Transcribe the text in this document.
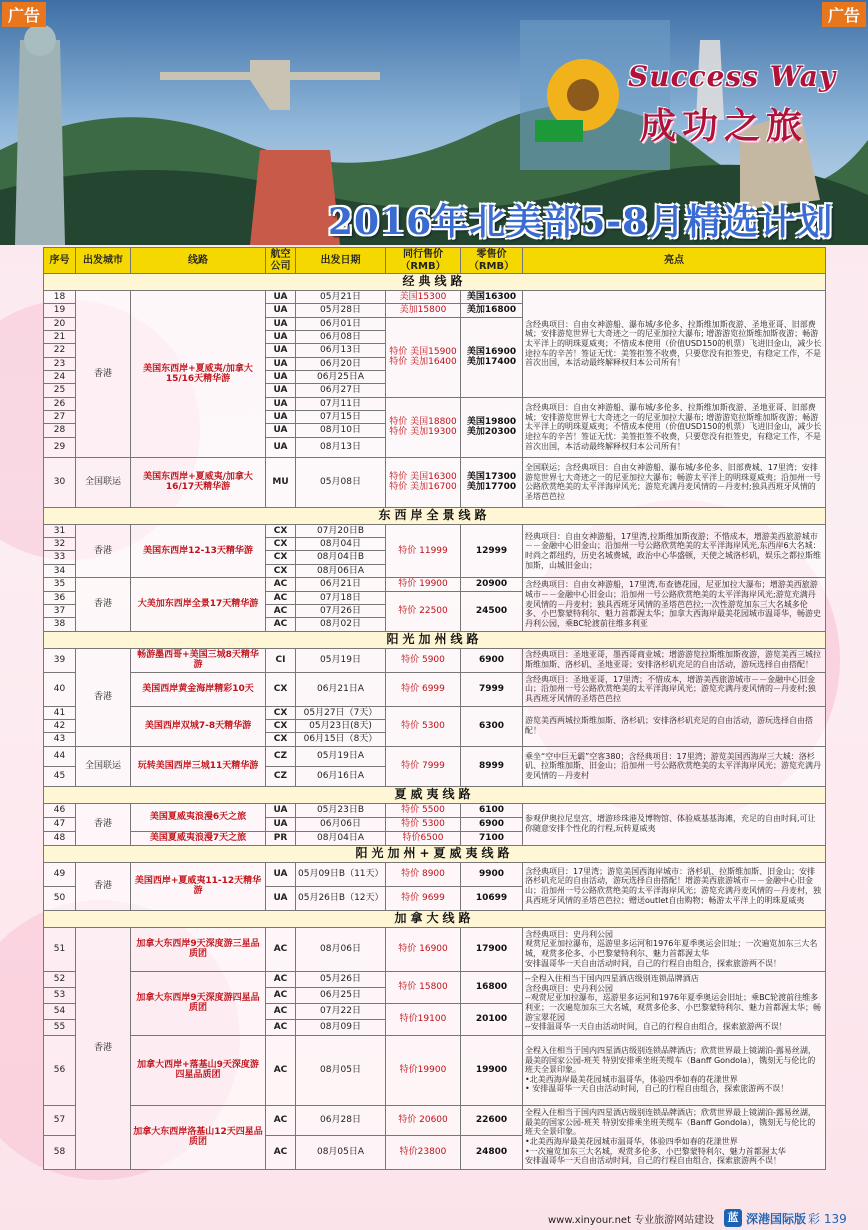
广告	广告
Success Way
成功之旅
2016年北美部5-8月精选计划
序号	出发城市	线路	航空公司	出发日期	同行售价（RMB）	零售价（RMB）	亮点
经典线路							
18	香港	美国东西岸+夏威夷/加拿大15/16天精华游	UA	05月21日	美国15300	美国16300	含经典项目：自由女神游船、瀑布城/多伦多、拉斯维加斯夜游、圣地亚哥、旧部费城；安排游览世界七大奇迹之一的尼亚加拉大瀑布; 增游游览拉斯维加斯夜游；畅游太平洋上的明珠夏威夷；不惜成本使用（价值USD150的机票）飞进旧金山，减少长途拉车的辛苦！签证无忧：美签拒签不收费，只要您没有拒签史，有稳定工作，不是首次出国，本活动最终解释权归本公司所有！
19			UA	05月28日	美加15800	美加16800	
20			UA	06月01日	特价 美国15900 特价 美加16400	美国16900 美加17400	
21			UA	06月08日			
22			UA	06月13日			
23			UA	06月20日			
24			UA	06月25日A			
25			UA	06月27日			
26			UA	07月11日	特价 美国18800 特价 美加19300	美国19800 美加20300	含经典项目：自由女神游船、瀑布城/多伦多、拉斯维加斯夜游、圣地亚哥、旧部费城；安排游览世界七大奇迹之一的尼亚加拉大瀑布; 增游游览拉斯维加斯夜游；畅游太平洋上的明珠夏威夷；不惜成本使用（价值USD150的机票）飞进旧金山，减少长途拉车的辛苦！签证无忧：美签拒签不收费，只要您没有拒签史，有稳定工作，不是首次出国，本活动最终解释权归本公司所有！
27			UA	07月15日			
28			UA	08月10日			
29			UA	08月13日			
30	全国联运	美国东西岸+夏威夷/加拿大16/17天精华游	MU	05月08日	特价 美国16300 特价 美加16700	美国17300 美加17700	全国联运；含经典项目：自由女神游船、瀑布城/多伦多、旧部费城、17里湾；安排游览世界七大奇迹之一的尼亚加拉大瀑布；畅游太平洋上的明珠夏威夷；沿加州一号公路欣赏绝美的太平洋海岸风光；游览充满丹麦风情的－丹麦村;独具西班牙风情的圣塔芭芭拉
东西岸全景线路							
31	香港	美国东西岸12-13天精华游	CX	07月20日B	特价 11999	12999	经典项目：自由女神游船，17里湾,拉斯维加斯夜游；不惜成本，增游美西旅游城市－－金融中心旧金山；沿加州一号公路欣赏绝美的太平洋海岸风光,东西岸6大名城：时尚之都纽约，历史名城费城，政治中心华盛顿，天使之城洛杉矶，娱乐之都拉斯维加斯，山城旧金山；
32			CX	08月04日			
33			CX	08月04日B			
34			CX	08月06日A			
35	香港	大美加东西岸全景17天精华游	AC	06月21日	特价 19900	20900	含经典项目：自由女神游船，17里湾,布查德花园，尼亚加拉大瀑布；增游美西旅游城市－－金融中心旧金山；沿加州一号公路欣赏绝美的太平洋海岸风光;游览充满丹麦风情的－丹麦村；独具西班牙风情的圣塔芭芭拉;一次性游览加东三大名城多伦多、小巴黎蒙特利尔、魁力首都渥太华；加拿大西海岸最美花园城市温哥华，畅游史丹利公园，乘BC轮渡前往维多利亚
36			AC	07月18日	特价 22500	24500	
37			AC	07月26日			
38			AC	08月02日			
阳光加州线路							
39	香港	畅游墨西哥+美国三城8天精华游	CI	05月19日	特价 5900	6900	含经典项目：圣地亚哥，墨西哥商业城；增游游览拉斯维加斯夜游，游览美西三城拉斯维加斯、洛杉矶、圣地亚哥；安排洛杉矶充足的自由活动，游玩选择自由搭配！
40		美国西岸黄金海岸精彩10天	CX	06月21日A	特价 6999	7999	含经典项目：圣地亚哥，17里湾；不惜成本，增游美西旅游城市－－金融中心旧金山；沿加州一号公路欣赏绝美的太平洋海岸风光；游览充满丹麦风情的－丹麦村;独具西班牙风情的圣塔芭芭拉
41		美国西岸双城7-8天精华游	CX	05月27日（7天）	特价 5300	6300	游览美西两城拉斯维加斯、洛杉矶；安排洛杉矶充足的自由活动，游玩选择自由搭配！
42			CX	05月23日(8天)			
43			CX	06月15日（8天）			
44	全国联运	玩转美国西岸三城11天精华游	CZ	05月19日A	特价 7999	8999	乘坐“空中巨无霸”空客380；含经典项目：17里湾；游览美国西海岸三大城：洛杉矶、拉斯维加斯、旧金山；沿加州一号公路欣赏绝美的太平洋海岸风光；游览充满丹麦风情的－丹麦村
45			CZ	06月16日A			
夏威夷线路							
46	香港	美国夏威夷浪漫6天之旅	UA	05月23日B	特价 5500	6100	参观伊奥拉尼皇宫、增游珍珠港及博物馆、体验威基基海滩，充足的自由时间,可让你随意安排个性化的行程,玩转夏威夷
47			UA	06月06日	特价 5300	6900	
48		美国夏威夷浪漫7天之旅	PR	08月04日A	特价6500	7100	
阳光加州+夏威夷线路							
49	香港	美国西岸+夏威夷11-12天精华游	UA	05月09日B（11天）	特价 8900	9900	含经典项目：17里湾；游览美国西海岸城市：洛杉矶、拉斯维加斯、旧金山；安排洛杉矶充足的自由活动，游玩选择自由搭配！增游美西旅游城市－－金融中心旧金山；沿加州一号公路欣赏绝美的太平洋海岸风光；游览充满丹麦风情的－丹麦村，独具西班牙风情的圣塔芭芭拉；赠送outlet自由购物；畅游太平洋上的明珠夏威夷
50			UA	05月26日B（12天）	特价 9699	10699	
加拿大线路							
51	香港	加拿大东西岸9天深度游三星品质团	AC	08月06日	特价 16900	17900	含经典项目：史丹利公园
观赏尼亚加拉瀑布，巡游里多运河和1976年夏季奥运会旧址；一次遍览加东三大名城，观赏多伦多、小巴黎蒙特利尔、魅力首都渥太华
安排温哥华一天自由活动时间，自己的行程自由组合，探索旅游两不误！
52		加拿大东西岸9天深度游四星品质团	AC	05月26日	特价 15800	16800	--全程入住相当于国内四星酒店级别连锁品牌酒店
含经典项目：史丹利公园
--观赏尼亚加拉瀑布，巡游里多运河和1976年夏季奥运会旧址；乘BC轮渡前往维多利亚；一次遍览加东三大名城，观赏多伦多、小巴黎蒙特利尔、魅力首都渥太华；畅游宝翠花园
--安排温哥华一天自由活动时间，自己的行程自由组合，探索旅游两不误！
53			AC	06月25日			
54			AC	07月22日	特价19100	20100	
55			AC	08月09日			
56		加拿大西岸+落基山9天深度游四星品质团	AC	08月05日	特价19900	19900	全程入住相当于国内四星酒店级别连锁品牌酒店；欣赏世界最上镜湖泊-露易丝湖，最美的国家公园-班芙 特别安排乘坐班芙缆车（Banff Gondola），镌刻无与伦比的班夫全景印象。
•北美西海岸最美花园城市温哥华，体验四季如春的花漾世界
• 安排温哥华一天自由活动时间，自己的行程自由组合，探索旅游两不误！
57		加拿大东西岸洛基山12天四星品质团	AC	06月28日	特价 20600	22600	全程入住相当于国内四星酒店级别连锁品牌酒店；欣赏世界最上镜湖泊-露易丝湖，最美的国家公园-班芙 特别安排乘坐班芙缆车（Banff Gondola），镌刻无与伦比的班夫全景印象。
•北美西海岸最美花园城市温哥华，体验四季如春的花漾世界
•一次遍览加东三大名城，观赏多伦多、小巴黎蒙特利尔、魅力首都渥太华
安排温哥华一天自由活动时间，自己的行程自由组合，探索旅游两不误！
58			AC	08月05日A	特价23800	24800	
www.xinyour.net 专业旅游网站建设	蓝 深港国际版 彩 139
